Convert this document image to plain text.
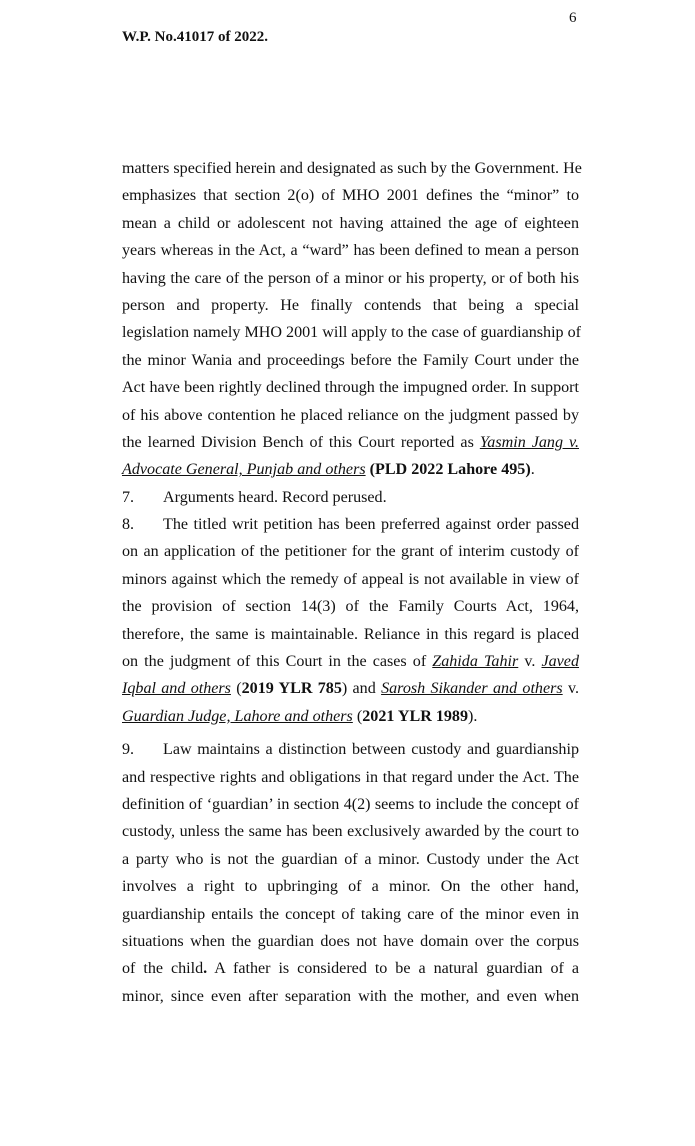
6
W.P. No.41017 of 2022.
matters specified herein and designated as such by the Government. He
emphasizes that section 2(o) of MHO 2001 defines the “minor” to
mean a child or adolescent not having attained the age of eighteen
years whereas in the Act, a “ward” has been defined to mean a person
having the care of the person of a minor or his property, or of both his
person and property. He finally contends that being a special
legislation namely MHO 2001 will apply to the case of guardianship of
the minor Wania and proceedings before the Family Court under the
Act have been rightly declined through the impugned order. In support
of his above contention he placed reliance on the judgment passed by
the learned Division Bench of this Court reported as Yasmin Jang v.
Advocate General, Punjab and others (PLD 2022 Lahore 495).
7. Arguments heard. Record perused.
8. The titled writ petition has been preferred against order passed
on an application of the petitioner for the grant of interim custody of
minors against which the remedy of appeal is not available in view of
the provision of section 14(3) of the Family Courts Act, 1964,
therefore, the same is maintainable. Reliance in this regard is placed
on the judgment of this Court in the cases of Zahida Tahir v. Javed
Iqbal and others (2019 YLR 785) and Sarosh Sikander and others v.
Guardian Judge, Lahore and others (2021 YLR 1989).
9. Law maintains a distinction between custody and guardianship
and respective rights and obligations in that regard under the Act. The
definition of ‘guardian’ in section 4(2) seems to include the concept of
custody, unless the same has been exclusively awarded by the court to
a party who is not the guardian of a minor. Custody under the Act
involves a right to upbringing of a minor. On the other hand,
guardianship entails the concept of taking care of the minor even in
situations when the guardian does not have domain over the corpus
of the child. A father is considered to be a natural guardian of a
minor, since even after separation with the mother, and even when
